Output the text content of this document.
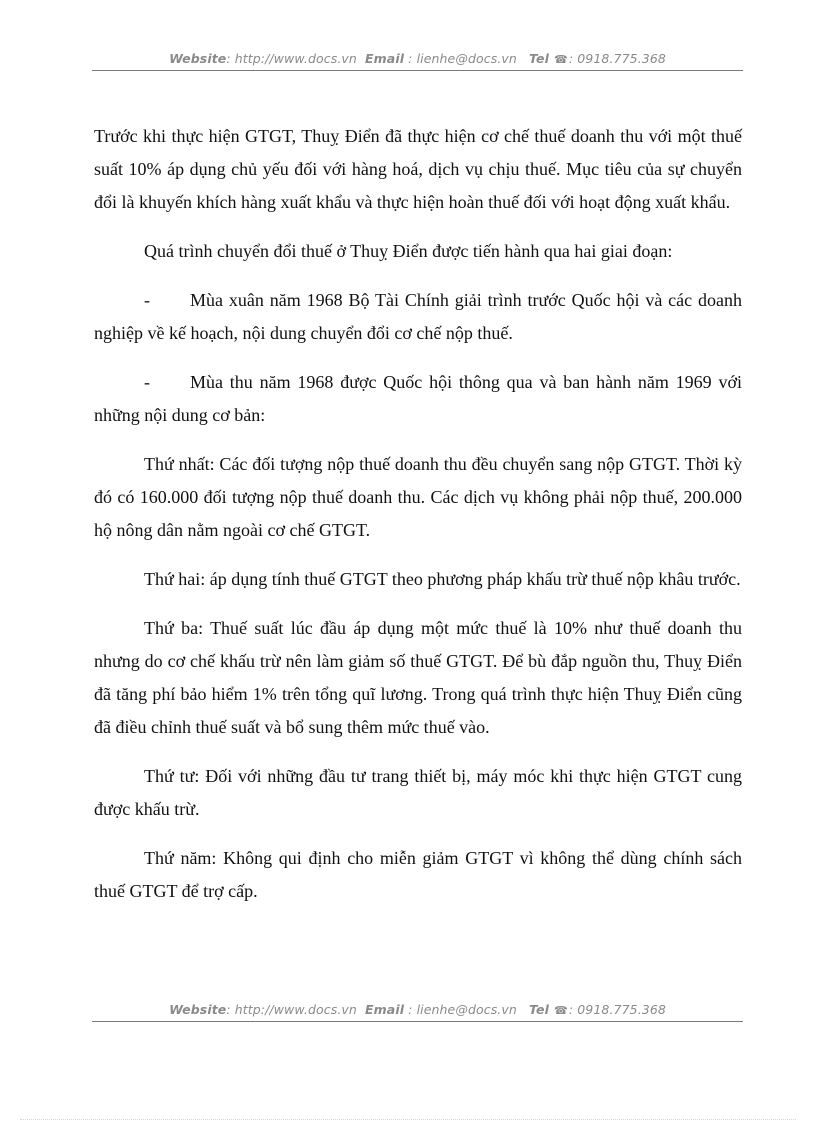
Website: http://www.docs.vn Email : lienhe@docs.vn Tel ☎: 0918.775.368

Trước khi thực hiện GTGT, Thuỵ Điển đã thực hiện cơ chế thuế doanh thu với một thuế suất 10% áp dụng chủ yếu đối với hàng hoá, dịch vụ chịu thuế. Mục tiêu của sự chuyển đổi là khuyến khích hàng xuất khẩu và thực hiện hoàn thuế đối với hoạt động xuất khẩu.

Quá trình chuyển đổi thuế ở Thuỵ Điển được tiến hành qua hai giai đoạn:

- Mùa xuân năm 1968 Bộ Tài Chính giải trình trước Quốc hội và các doanh nghiệp về kế hoạch, nội dung chuyển đổi cơ chế nộp thuế.

- Mùa thu năm 1968 được Quốc hội thông qua và ban hành năm 1969 với những nội dung cơ bản:

Thứ nhất: Các đối tượng nộp thuế doanh thu đều chuyển sang nộp GTGT. Thời kỳ đó có 160.000 đối tượng nộp thuế doanh thu. Các dịch vụ không phải nộp thuế, 200.000 hộ nông dân nằm ngoài cơ chế GTGT.

Thứ hai: áp dụng tính thuế GTGT theo phương pháp khấu trừ thuế nộp khâu trước.

Thứ ba: Thuế suất lúc đầu áp dụng một mức thuế là 10% như thuế doanh thu nhưng do cơ chế khấu trừ nên làm giảm số thuế GTGT. Để bù đắp nguồn thu, Thuỵ Điển đã tăng phí bảo hiểm 1% trên tổng quĩ lương. Trong quá trình thực hiện Thuỵ Điển cũng đã điều chỉnh thuế suất và bổ sung thêm mức thuế vào.

Thứ tư: Đối với những đầu tư trang thiết bị, máy móc khi thực hiện GTGT cung được khấu trừ.

Thứ năm: Không qui định cho miễn giảm GTGT vì không thể dùng chính sách thuế GTGT để trợ cấp.

Website: http://www.docs.vn Email : lienhe@docs.vn Tel ☎: 0918.775.368
